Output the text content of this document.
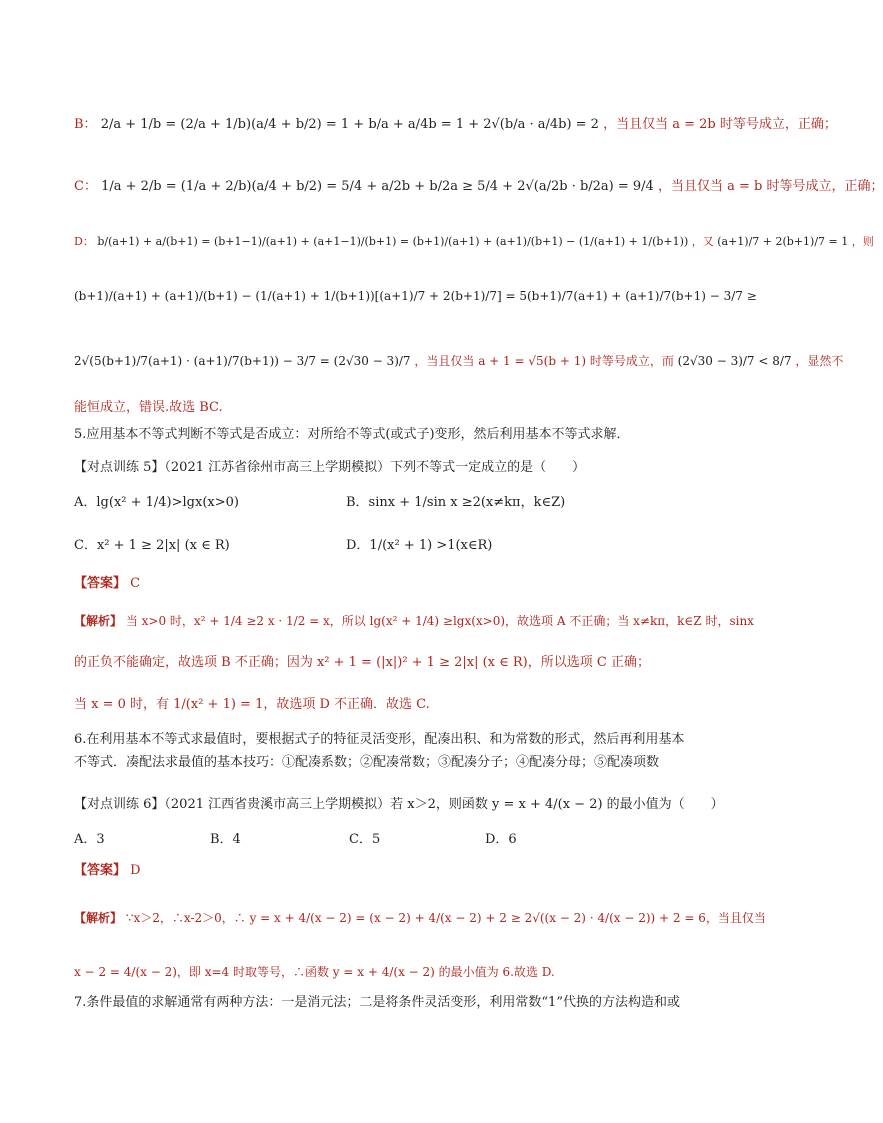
B： 2/a + 1/b = (2/a + 1/b)(a/4 + b/2) = 1 + b/a + a/4b = 1 + 2√(b/a · a/4b) = 2 ，当且仅当 a = 2b 时等号成立，正确；
C： 1/a + 2/b = (1/a + 2/b)(a/4 + b/2) = 5/4 + a/2b + b/2a ≥ 5/4 + 2√(a/2b · b/2a) = 9/4 ，当且仅当 a = b 时等号成立，正确；
D： b/(a+1) + a/(b+1) = (b+1−1)/(a+1) + (a+1−1)/(b+1) = (b+1)/(a+1) + (a+1)/(b+1) − (1/(a+1) + 1/(b+1)) ，又 (a+1)/7 + 2(b+1)/7 = 1 ，则
(b+1)/(a+1) + (a+1)/(b+1) − (1/(a+1) + 1/(b+1))[(a+1)/7 + 2(b+1)/7] = 5(b+1)/7(a+1) + (a+1)/7(b+1) − 3/7 ≥
2√(5(b+1)/7(a+1) · (a+1)/7(b+1)) − 3/7 = (2√30 − 3)/7 ，当且仅当 a + 1 = √5(b + 1) 时等号成立，而 (2√30 − 3)/7 < 8/7 ，显然不
能恒成立，错误.故选 BC.
5.应用基本不等式判断不等式是否成立：对所给不等式(或式子)变形，然后利用基本不等式求解．
【对点训练 5】（2021 江苏省徐州市高三上学期模拟）下列不等式一定成立的是（　　）
A．lg(x² + 1/4)>lgx(x>0)	B．sinx + 1/sin x ≥2(x≠kπ，k∈Z)
C．x² + 1 ≥ 2|x| (x ∈ R)	D．1/(x² + 1) >1(x∈R)
【答案】 C
【解析】 当 x>0 时，x² + 1/4 ≥2 x · 1/2 = x，所以 lg(x² + 1/4) ≥lgx(x>0)，故选项 A 不正确；当 x≠kπ，k∈Z 时，sinx
的正负不能确定，故选项 B 不正确；因为 x² + 1 = (|x|)² + 1 ≥ 2|x| (x ∈ R)，所以选项 C 正确；
当 x = 0 时，有 1/(x² + 1) = 1，故选项 D 不正确．故选 C.
6.在利用基本不等式求最值时，要根据式子的特征灵活变形，配凑出积、和为常数的形式，然后再利用基本
不等式．凑配法求最值的基本技巧：①配凑系数；②配凑常数；③配凑分子；④配凑分母；⑤配凑项数
【对点训练 6】（2021 江西省贵溪市高三上学期模拟）若 x＞2，则函数 y = x + 4/(x − 2) 的最小值为（　　）
A．3	B．4	C．5	D．6
【答案】 D
【解析】 ∵x＞2，∴x-2＞0，∴ y = x + 4/(x − 2) = (x − 2) + 4/(x − 2) + 2 ≥ 2√((x − 2) · 4/(x − 2)) + 2 = 6，当且仅当
x − 2 = 4/(x − 2)，即 x=4 时取等号，∴函数 y = x + 4/(x − 2) 的最小值为 6.故选 D.
7.条件最值的求解通常有两种方法：一是消元法；二是将条件灵活变形，利用常数“1”代换的方法构造和或
